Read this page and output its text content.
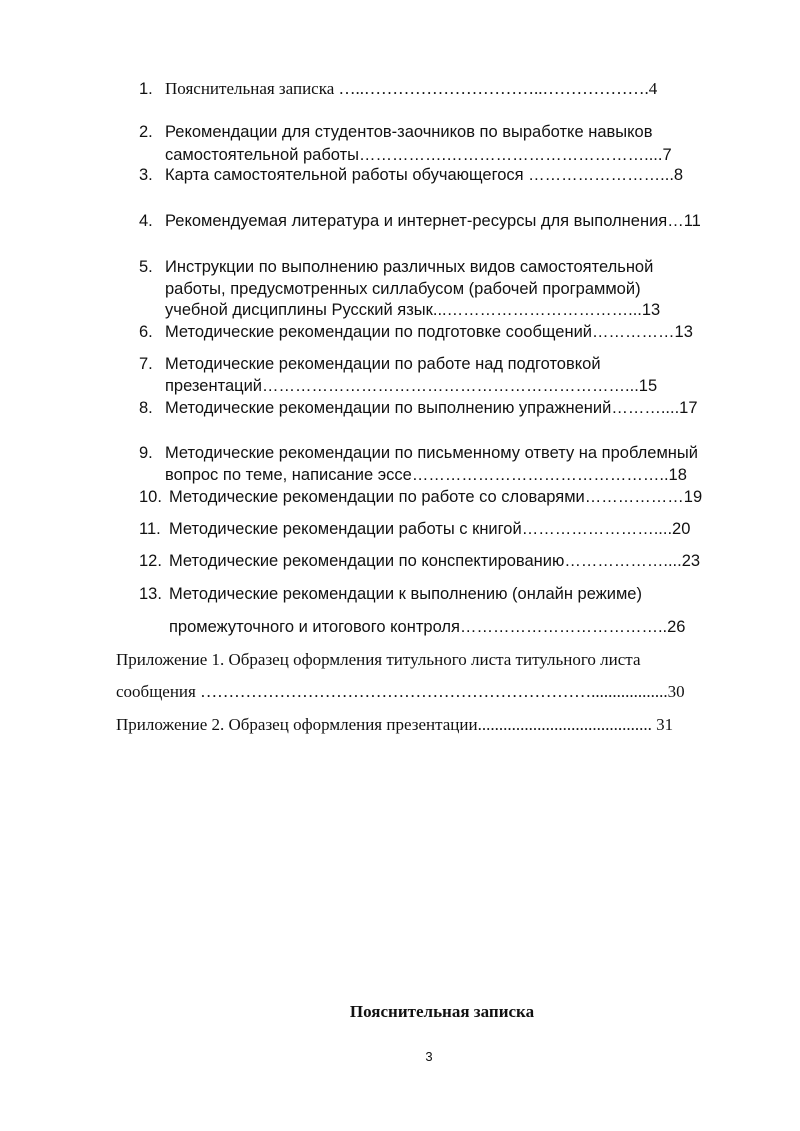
1. Пояснительная записка …..…………………………..……………….4
2. Рекомендации для студентов-заочников по выработке навыков
самостоятельной работы…………….………………………………....7
3. Карта самостоятельной работы обучающегося ……………………...8
4. Рекомендуемая литература и интернет-ресурсы для выполнения…11
5. Инструкции по выполнению различных видов самостоятельной
работы, предусмотренных силлабусом (рабочей программой)
учебной дисциплины Русский язык...……………………………...13
6. Методические рекомендации по подготовке сообщений……………13
7. Методические рекомендации по работе над подготовкой
презентаций…………………………………………………………...15
8. Методические рекомендации по выполнению упражнений………....17
9. Методические рекомендации по письменному ответу на проблемный
вопрос по теме, написание эссе………………………………………..18
10. Методические рекомендации по работе со словарями………………19
11. Методические рекомендации работы с книгой……………………....20
12. Методические рекомендации по конспектированию………………....23
13. Методические рекомендации к выполнению (онлайн режиме)
промежуточного и итогового контроля………………………………..26
Приложение 1. Образец оформления титульного листа титульного листа
сообщения ……………………………………………………………..................30
Приложение 2. Образец оформления презентации......................................... 31
Пояснительная записка
3
